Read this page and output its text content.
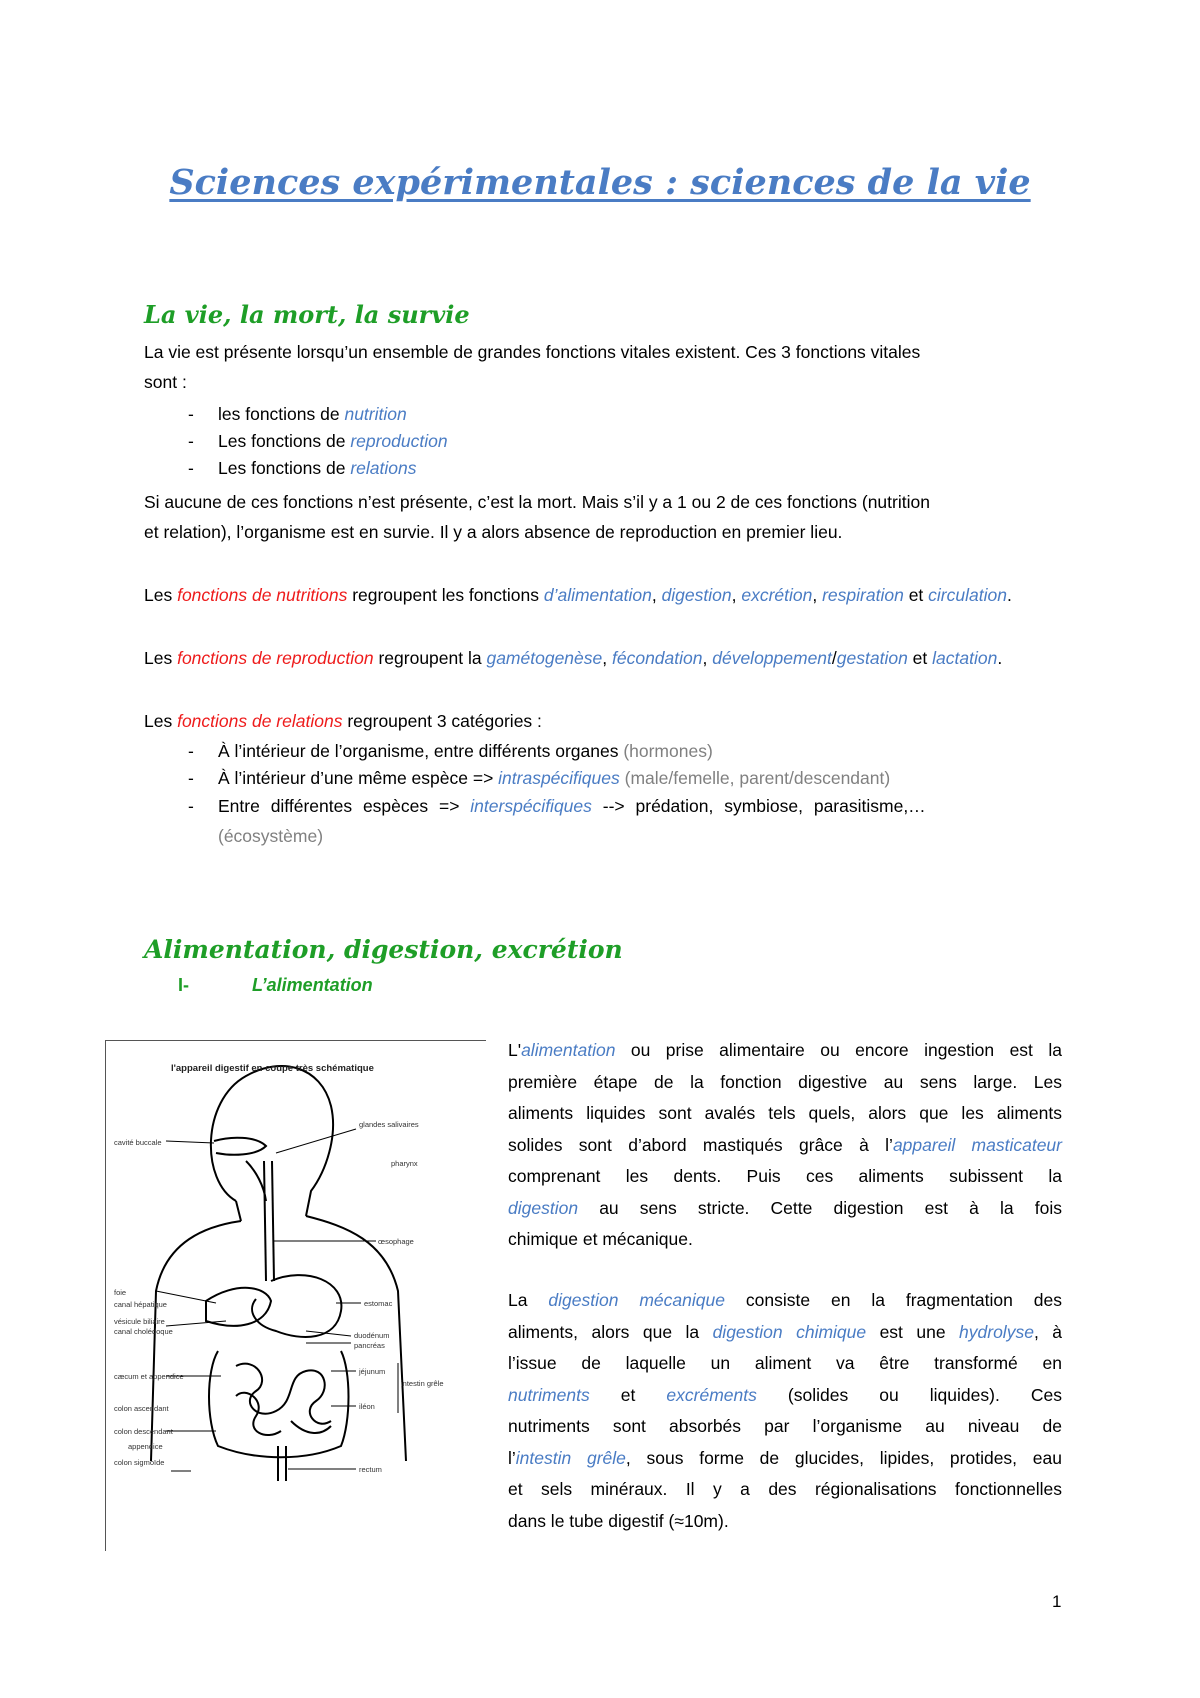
Sciences expérimentales : sciences de la vie
La vie, la mort, la survie
La vie est présente lorsqu’un ensemble de grandes fonctions vitales existent. Ces 3 fonctions vitales
sont :
- les fonctions de nutrition
- Les fonctions de reproduction
- Les fonctions de relations
Si aucune de ces fonctions n’est présente, c’est la mort. Mais s’il y a 1 ou 2 de ces fonctions (nutrition
et relation), l’organisme est en survie. Il y a alors absence de reproduction en premier lieu.
Les fonctions de nutritions regroupent les fonctions d’alimentation, digestion, excrétion, respiration et circulation.
Les fonctions de reproduction regroupent la gamétogenèse, fécondation, développement/gestation et lactation.
Les fonctions de relations regroupent 3 catégories :
- À l’intérieur de l’organisme, entre différents organes (hormones)
- À l’intérieur d’une même espèce => intraspécifiques (male/femelle, parent/descendant)
- Entre différentes espèces => interspécifiques --> prédation, symbiose, parasitisme,…
(écosystème)
Alimentation, digestion, excrétion
I-	L’alimentation
l'appareil digestif en coupe très schématique
cavité buccale
foie
canal hépatique
vésicule biliaire
canal cholédoque
cæcum et appendice
colon ascendant
colon descendant
appendice
colon sigmoïde
glandes salivaires
pharynx
œsophage
estomac
duodénum
pancréas
jéjunum
iléon
intestin grêle
rectum
L'alimentation ou prise alimentaire ou encore ingestion est la
première étape de la fonction digestive au sens large. Les
aliments liquides sont avalés tels quels, alors que les aliments
solides sont d’abord mastiqués grâce à l’appareil masticateur
comprenant les dents. Puis ces aliments subissent la
digestion au sens stricte. Cette digestion est à la fois
chimique et mécanique.
La digestion mécanique consiste en la fragmentation des
aliments, alors que la digestion chimique est une hydrolyse, à
l’issue de laquelle un aliment va être transformé en
nutriments et excréments (solides ou liquides). Ces
nutriments sont absorbés par l’organisme au niveau de
l’intestin grêle, sous forme de glucides, lipides, protides, eau
et sels minéraux. Il y a des régionalisations fonctionnelles
dans le tube digestif (≈10m).
1
